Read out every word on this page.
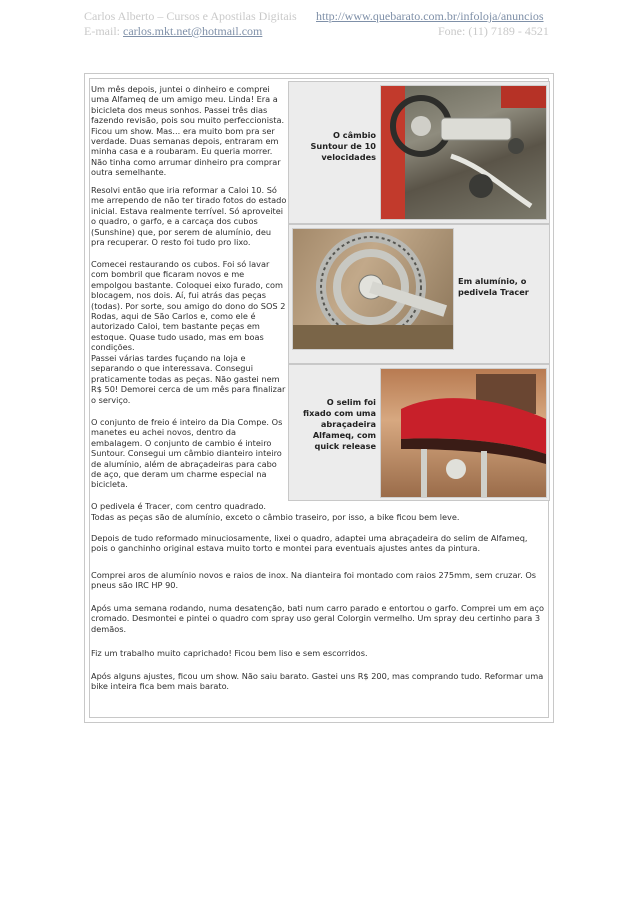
Carlos Alberto – Cursos e Apostilas Digitais
E-mail: carlos.mkt.net@hotmail.com
http://www.quebarato.com.br/infoloja/anuncios
Fone: (11) 7189 - 4521

Um mês depois, juntei o dinheiro e comprei uma Alfameq de um amigo meu. Linda! Era a bicicleta dos meus sonhos. Passei três dias fazendo revisão, pois sou muito perfeccionista. Ficou um show. Mas... era muito bom pra ser verdade. Duas semanas depois, entraram em minha casa e a roubaram. Eu queria morrer. Não tinha como arrumar dinheiro pra comprar outra semelhante.

Resolvi então que iria reformar a Caloi 10. Só me arrependo de não ter tirado fotos do estado inicial. Estava realmente terrível. Só aproveitei o quadro, o garfo, e a carcaça dos cubos (Sunshine) que, por serem de alumínio, deu pra recuperar. O resto foi tudo pro lixo.

Comecei restaurando os cubos. Foi só lavar com bombril que ficaram novos e me empolgou bastante. Coloquei eixo furado, com blocagem, nos dois. Aí, fui atrás das peças (todas). Por sorte, sou amigo do dono do SOS 2 Rodas, aqui de São Carlos e, como ele é autorizado Caloi, tem bastante peças em estoque. Quase tudo usado, mas em boas condições.

Passei várias tardes fuçando na loja e separando o que interessava. Consegui praticamente todas as peças. Não gastei nem R$ 50! Demorei cerca de um mês para finalizar o serviço.

O conjunto de freio é inteiro da Dia Compe. Os manetes eu achei novos, dentro da embalagem. O conjunto de cambio é inteiro Suntour. Consegui um câmbio dianteiro inteiro de alumínio, além de abraçadeiras para cabo de aço, que deram um charme especial na bicicleta.

O câmbio Suntour de 10 velocidades
Em alumínio, o pedivela Tracer
O selim foi fixado com uma abraçadeira Alfameq, com quick release

O pedivela é Tracer, com centro quadrado.

Todas as peças são de alumínio, exceto o câmbio traseiro, por isso, a bike ficou bem leve.

Depois de tudo reformado minuciosamente, lixei o quadro, adaptei uma abraçadeira do selim de Alfameq, pois o ganchinho original estava muito torto e montei para eventuais ajustes antes da pintura.

Comprei aros de alumínio novos e raios de inox. Na dianteira foi montado com raios 275mm, sem cruzar. Os pneus são IRC HP 90.

Após uma semana rodando, numa desatenção, bati num carro parado e entortou o garfo. Comprei um em aço cromado. Desmontei e pintei o quadro com spray uso geral Colorgin vermelho. Um spray deu certinho para 3 demãos.

Fiz um trabalho muito caprichado! Ficou bem liso e sem escorridos.

Após alguns ajustes, ficou um show. Não saiu barato. Gastei uns R$ 200, mas comprando tudo. Reformar uma bike inteira fica bem mais barato.
